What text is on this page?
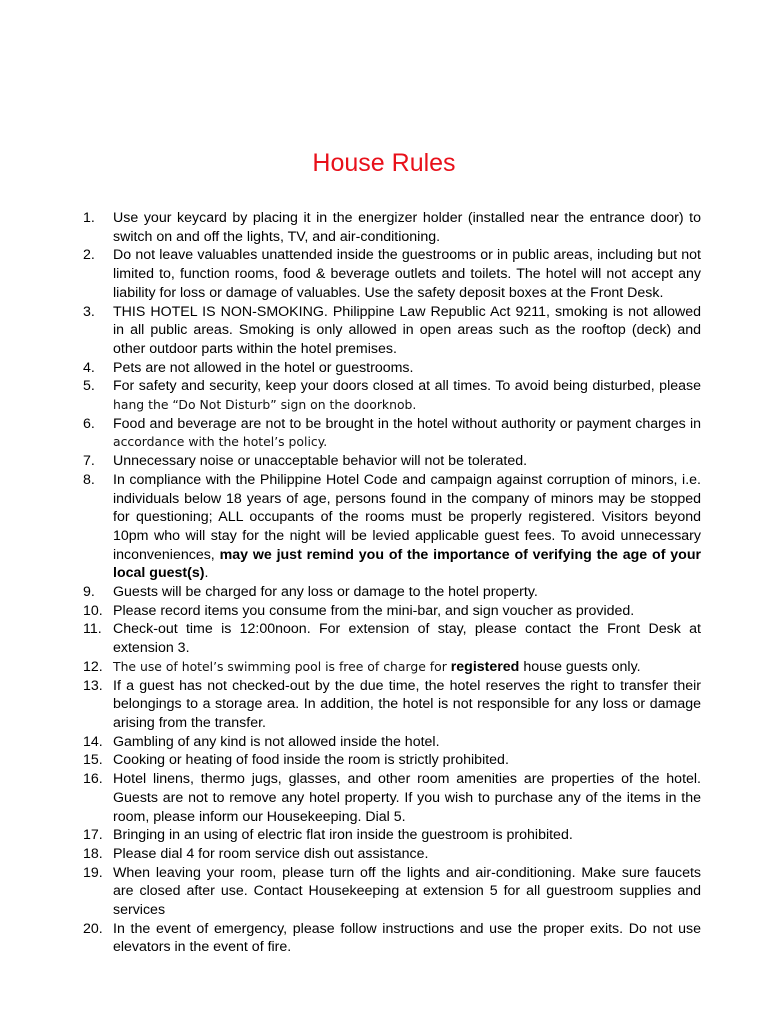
House Rules
1.	Use your keycard by placing it in the energizer holder (installed near the entrance door) to switch on and off the lights, TV, and air-conditioning.
2.	Do not leave valuables unattended inside the guestrooms or in public areas, including but not limited to, function rooms, food & beverage outlets and toilets. The hotel will not accept any liability for loss or damage of valuables. Use the safety deposit boxes at the Front Desk.
3.	THIS HOTEL IS NON-SMOKING. Philippine Law Republic Act 9211, smoking is not allowed in all public areas. Smoking is only allowed in open areas such as the rooftop (deck) and other outdoor parts within the hotel premises.
4.	Pets are not allowed in the hotel or guestrooms.
5.	For safety and security, keep your doors closed at all times. To avoid being disturbed, please hang the “Do Not Disturb” sign on the doorknob.
6.	Food and beverage are not to be brought in the hotel without authority or payment charges in accordance with the hotel’s policy.
7.	Unnecessary noise or unacceptable behavior will not be tolerated.
8.	In compliance with the Philippine Hotel Code and campaign against corruption of minors, i.e. individuals below 18 years of age, persons found in the company of minors may be stopped for questioning; ALL occupants of the rooms must be properly registered. Visitors beyond 10pm who will stay for the night will be levied applicable guest fees. To avoid unnecessary inconveniences, may we just remind you of the importance of verifying the age of your local guest(s).
9.	Guests will be charged for any loss or damage to the hotel property.
10. Please record items you consume from the mini-bar, and sign voucher as provided.
11. Check-out time is 12:00noon. For extension of stay, please contact the Front Desk at extension 3.
12. The use of hotel’s swimming pool is free of charge for registered house guests only.
13. If a guest has not checked-out by the due time, the hotel reserves the right to transfer their belongings to a storage area. In addition, the hotel is not responsible for any loss or damage arising from the transfer.
14. Gambling of any kind is not allowed inside the hotel.
15. Cooking or heating of food inside the room is strictly prohibited.
16. Hotel linens, thermo jugs, glasses, and other room amenities are properties of the hotel. Guests are not to remove any hotel property. If you wish to purchase any of the items in the room, please inform our Housekeeping. Dial 5.
17. Bringing in an using of electric flat iron inside the guestroom is prohibited.
18. Please dial 4 for room service dish out assistance.
19. When leaving your room, please turn off the lights and air-conditioning. Make sure faucets are closed after use. Contact Housekeeping at extension 5 for all guestroom supplies and services
20. In the event of emergency, please follow instructions and use the proper exits. Do not use elevators in the event of fire.
